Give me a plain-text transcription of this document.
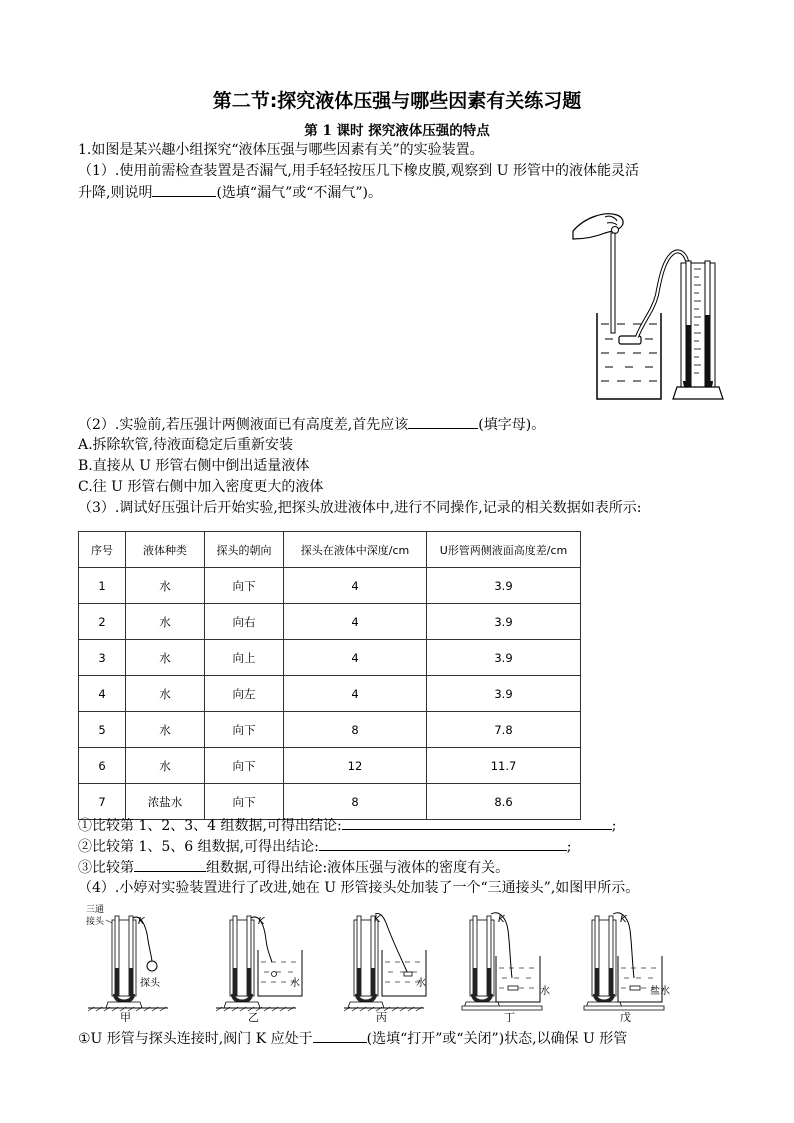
第二节:探究液体压强与哪些因素有关练习题
第 1 课时 探究液体压强的特点
1.如图是某兴趣小组探究“液体压强与哪些因素有关”的实验装置。
（1）.使用前需检查装置是否漏气,用手轻轻按压几下橡皮膜,观察到 U 形管中的液体能灵活
升降,则说明	(选填“漏气”或“不漏气”)。
（2）.实验前,若压强计两侧液面已有高度差,首先应该	(填字母)。
A.拆除软管,待液面稳定后重新安装
B.直接从 U 形管右侧中倒出适量液体
C.往 U 形管右侧中加入密度更大的液体
（3）.调试好压强计后开始实验,把探头放进液体中,进行不同操作,记录的相关数据如表所示:
序号	液体种类	探头的朝向	探头在液体中深度/cm	U形管两侧液面高度差/cm
1	水	向下	4	3.9
2	水	向右	4	3.9
3	水	向上	4	3.9
4	水	向左	4	3.9
5	水	向下	8	7.8
6	水	向下	12	11.7
7	浓盐水	向下	8	8.6
①比较第 1、2、3、4 组数据,可得出结论:	;
②比较第 1、5、6 组数据,可得出结论:	;
③比较第	组数据,可得出结论:液体压强与液体的密度有关。
（4）.小婷对实验装置进行了改进,她在 U 形管接头处加装了一个“三通接头”,如图甲所示。
三通
接头	K
探头
甲
K
水
乙
K
水
丙
K
水
丁
K
盐水
戊
①U 形管与探头连接时,阀门 K 应处于	(选填“打开”或“关闭”)状态,以确保 U 形管
